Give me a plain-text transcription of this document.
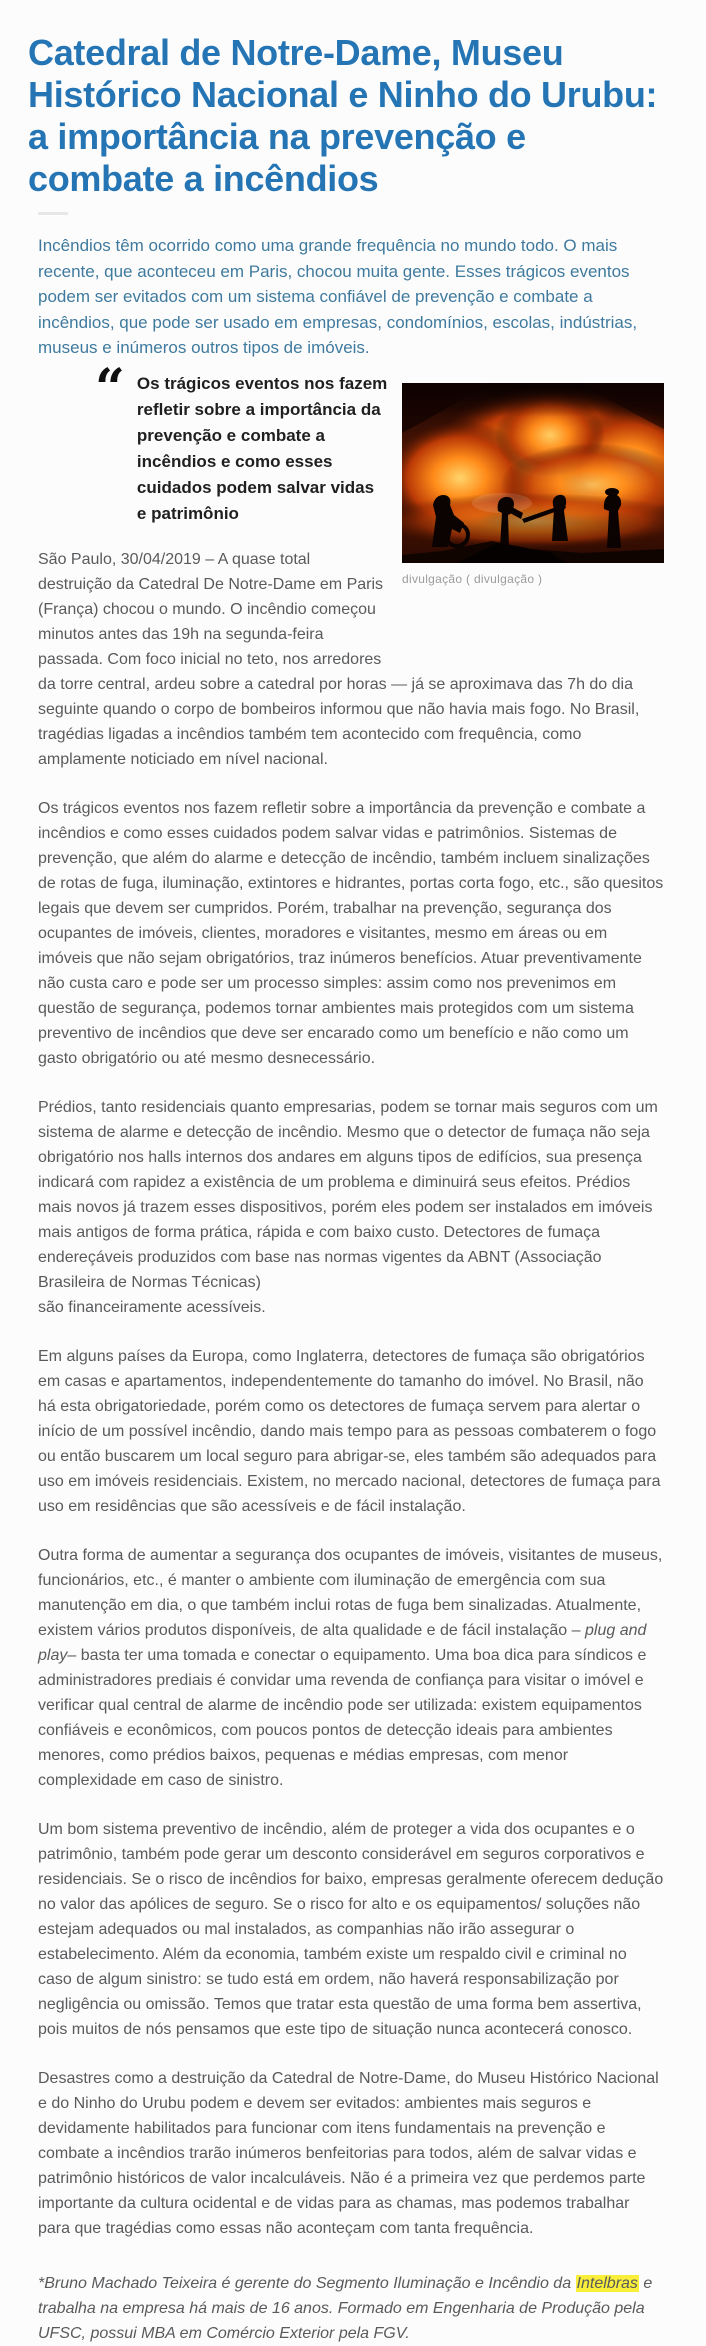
Catedral de Notre-Dame, Museu Histórico Nacional e Ninho do Urubu: a importância na prevenção e combate a incêndios

Incêndios têm ocorrido como uma grande frequência no mundo todo. O mais recente, que aconteceu em Paris, chocou muita gente. Esses trágicos eventos podem ser evitados com um sistema confiável de prevenção e combate a incêndios, que pode ser usado em empresas, condomínios, escolas, indústrias, museus e inúmeros outros tipos de imóveis.

divulgação ( divulgação )
“ Os trágicos eventos nos fazem refletir sobre a importância da prevenção e combate a incêndios e como esses cuidados podem salvar vidas e patrimônio

São Paulo, 30/04/2019 – A quase total destruição da Catedral De Notre-Dame em Paris (França) chocou o mundo. O incêndio começou minutos antes das 19h na segunda-feira passada. Com foco inicial no teto, nos arredores da torre central, ardeu sobre a catedral por horas — já se aproximava das 7h do dia seguinte quando o corpo de bombeiros informou que não havia mais fogo. No Brasil, tragédias ligadas a incêndios também tem acontecido com frequência, como amplamente noticiado em nível nacional.

Os trágicos eventos nos fazem refletir sobre a importância da prevenção e combate a incêndios e como esses cuidados podem salvar vidas e patrimônios. Sistemas de prevenção, que além do alarme e detecção de incêndio, também incluem sinalizações de rotas de fuga, iluminação, extintores e hidrantes, portas corta fogo, etc., são quesitos legais que devem ser cumpridos. Porém, trabalhar na prevenção, segurança dos ocupantes de imóveis, clientes, moradores e visitantes, mesmo em áreas ou em imóveis que não sejam obrigatórios, traz inúmeros benefícios. Atuar preventivamente não custa caro e pode ser um processo simples: assim como nos prevenimos em questão de segurança, podemos tornar ambientes mais protegidos com um sistema preventivo de incêndios que deve ser encarado como um benefício e não como um gasto obrigatório ou até mesmo desnecessário.

Prédios, tanto residenciais quanto empresarias, podem se tornar mais seguros com um sistema de alarme e detecção de incêndio. Mesmo que o detector de fumaça não seja obrigatório nos halls internos dos andares em alguns tipos de edifícios, sua presença indicará com rapidez a existência de um problema e diminuirá seus efeitos. Prédios mais novos já trazem esses dispositivos, porém eles podem ser instalados em imóveis mais antigos de forma prática, rápida e com baixo custo. Detectores de fumaça endereçáveis produzidos com base nas normas vigentes da ABNT (Associação Brasileira de Normas Técnicas)
são financeiramente acessíveis.

Em alguns países da Europa, como Inglaterra, detectores de fumaça são obrigatórios em casas e apartamentos, independentemente do tamanho do imóvel. No Brasil, não há esta obrigatoriedade, porém como os detectores de fumaça servem para alertar o início de um possível incêndio, dando mais tempo para as pessoas combaterem o fogo ou então buscarem um local seguro para abrigar-se, eles também são adequados para uso em imóveis residenciais. Existem, no mercado nacional, detectores de fumaça para uso em residências que são acessíveis e de fácil instalação.

Outra forma de aumentar a segurança dos ocupantes de imóveis, visitantes de museus, funcionários, etc., é manter o ambiente com iluminação de emergência com sua manutenção em dia, o que também inclui rotas de fuga bem sinalizadas. Atualmente, existem vários produtos disponíveis, de alta qualidade e de fácil instalação – plug and play– basta ter uma tomada e conectar o equipamento. Uma boa dica para síndicos e administradores prediais é convidar uma revenda de confiança para visitar o imóvel e verificar qual central de alarme de incêndio pode ser utilizada: existem equipamentos confiáveis e econômicos, com poucos pontos de detecção ideais para ambientes menores, como prédios baixos, pequenas e médias empresas, com menor complexidade em caso de sinistro.

Um bom sistema preventivo de incêndio, além de proteger a vida dos ocupantes e o patrimônio, também pode gerar um desconto considerável em seguros corporativos e residenciais. Se o risco de incêndios for baixo, empresas geralmente oferecem dedução no valor das apólices de seguro. Se o risco for alto e os equipamentos/ soluções não estejam adequados ou mal instalados, as companhias não irão assegurar o estabelecimento. Além da economia, também existe um respaldo civil e criminal no caso de algum sinistro: se tudo está em ordem, não haverá responsabilização por negligência ou omissão. Temos que tratar esta questão de uma forma bem assertiva, pois muitos de nós pensamos que este tipo de situação nunca acontecerá conosco.

Desastres como a destruição da Catedral de Notre-Dame, do Museu Histórico Nacional e do Ninho do Urubu podem e devem ser evitados: ambientes mais seguros e devidamente habilitados para funcionar com itens fundamentais na prevenção e combate a incêndios trarão inúmeros benfeitorias para todos, além de salvar vidas e patrimônio históricos de valor incalculáveis. Não é a primeira vez que perdemos parte importante da cultura ocidental e de vidas para as chamas, mas podemos trabalhar para que tragédias como essas não aconteçam com tanta frequência.

*Bruno Machado Teixeira é gerente do Segmento Iluminação e Incêndio da Intelbras e trabalha na empresa há mais de 16 anos. Formado em Engenharia de Produção pela UFSC, possui MBA em Comércio Exterior pela FGV.
